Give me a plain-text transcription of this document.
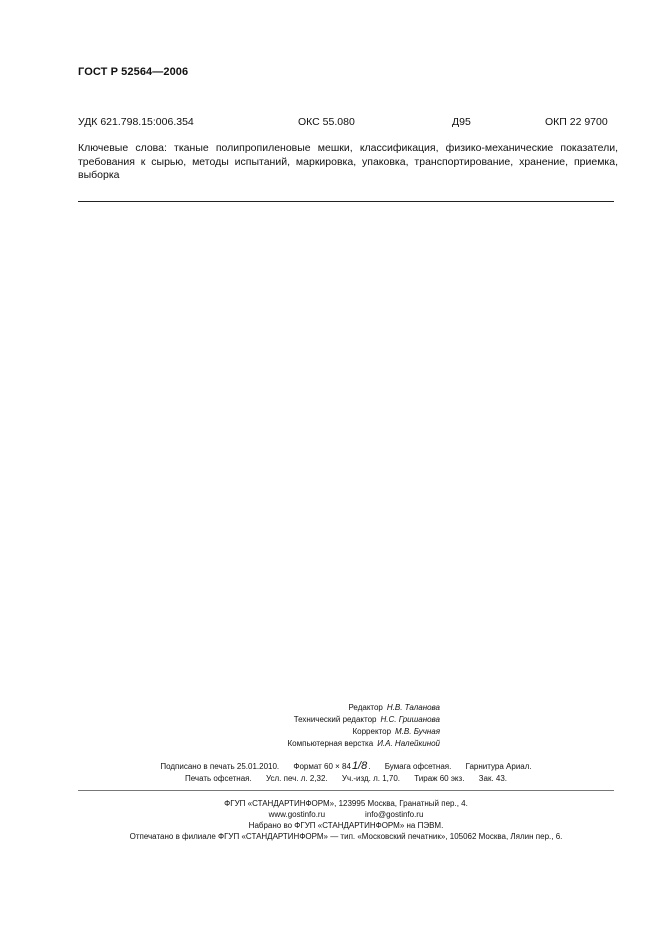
ГОСТ Р 52564—2006
УДК 621.798.15:006.354	ОКС 55.080	Д95	ОКП 22 9700
Ключевые слова: тканые полипропиленовые мешки, классификация, физико-механические показатели, требования к сырью, методы испытаний, маркировка, упаковка, транспортирование, хранение, приемка, выборка
Редактор Н.В. Таланова
Технический редактор Н.С. Гришанова
Корректор М.В. Бучная
Компьютерная верстка И.А. Налейкиной
Подписано в печать 25.01.2010. Формат 60 × 841/8. Бумага офсетная. Гарнитура Ариал.
Печать офсетная. Усл. печ. л. 2,32. Уч.-изд. л. 1,70. Тираж 60 экз. Зак. 43.
ФГУП «СТАНДАРТИНФОРМ», 123995 Москва, Гранатный пер., 4.
www.gostinfo.ru	info@gostinfo.ru
Набрано во ФГУП «СТАНДАРТИНФОРМ» на ПЭВМ.
Отпечатано в филиале ФГУП «СТАНДАРТИНФОРМ» — тип. «Московский печатник», 105062 Москва, Лялин пер., 6.
